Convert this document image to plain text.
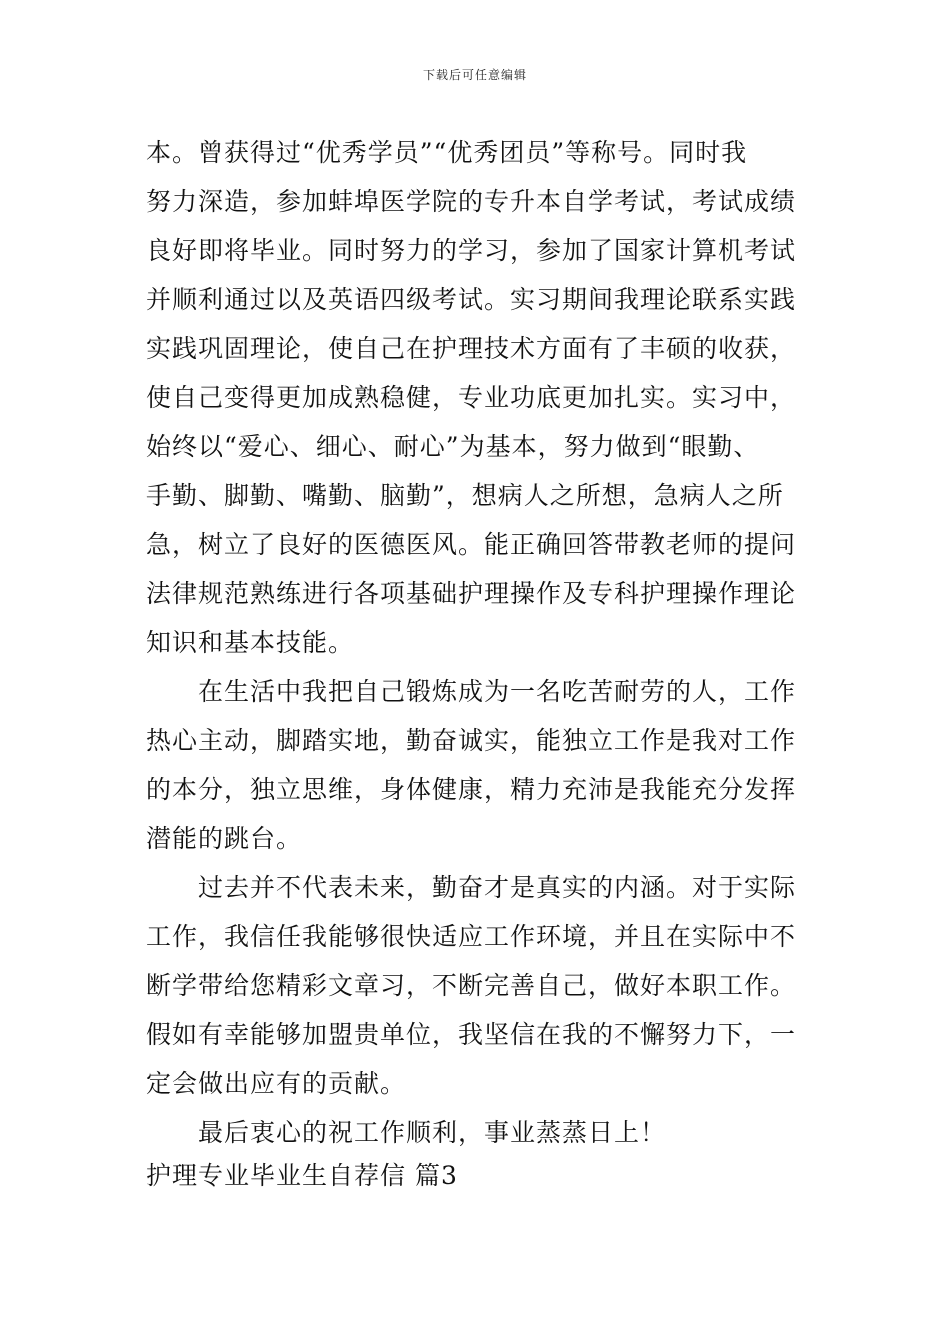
下载后可任意编辑
本。曾获得过“优秀学员”“优秀团员”等称号。同时我
努力深造，参加蚌埠医学院的专升本自学考试，考试成绩
良好即将毕业。同时努力的学习，参加了国家计算机考试
并顺利通过以及英语四级考试。实习期间我理论联系实践
实践巩固理论，使自己在护理技术方面有了丰硕的收获，
使自己变得更加成熟稳健，专业功底更加扎实。实习中，
始终以“爱心、细心、耐心”为基本，努力做到“眼勤、
手勤、脚勤、嘴勤、脑勤”，想病人之所想，急病人之所
急，树立了良好的医德医风。能正确回答带教老师的提问
法律规范熟练进行各项基础护理操作及专科护理操作理论
知识和基本技能。
在生活中我把自己锻炼成为一名吃苦耐劳的人，工作
热心主动，脚踏实地，勤奋诚实，能独立工作是我对工作
的本分，独立思维，身体健康，精力充沛是我能充分发挥
潜能的跳台。
过去并不代表未来，勤奋才是真实的内涵。对于实际
工作，我信任我能够很快适应工作环境，并且在实际中不
断学带给您精彩文章习，不断完善自己，做好本职工作。
假如有幸能够加盟贵单位，我坚信在我的不懈努力下，一
定会做出应有的贡献。
最后衷心的祝工作顺利，事业蒸蒸日上！
护理专业毕业生自荐信 篇3
